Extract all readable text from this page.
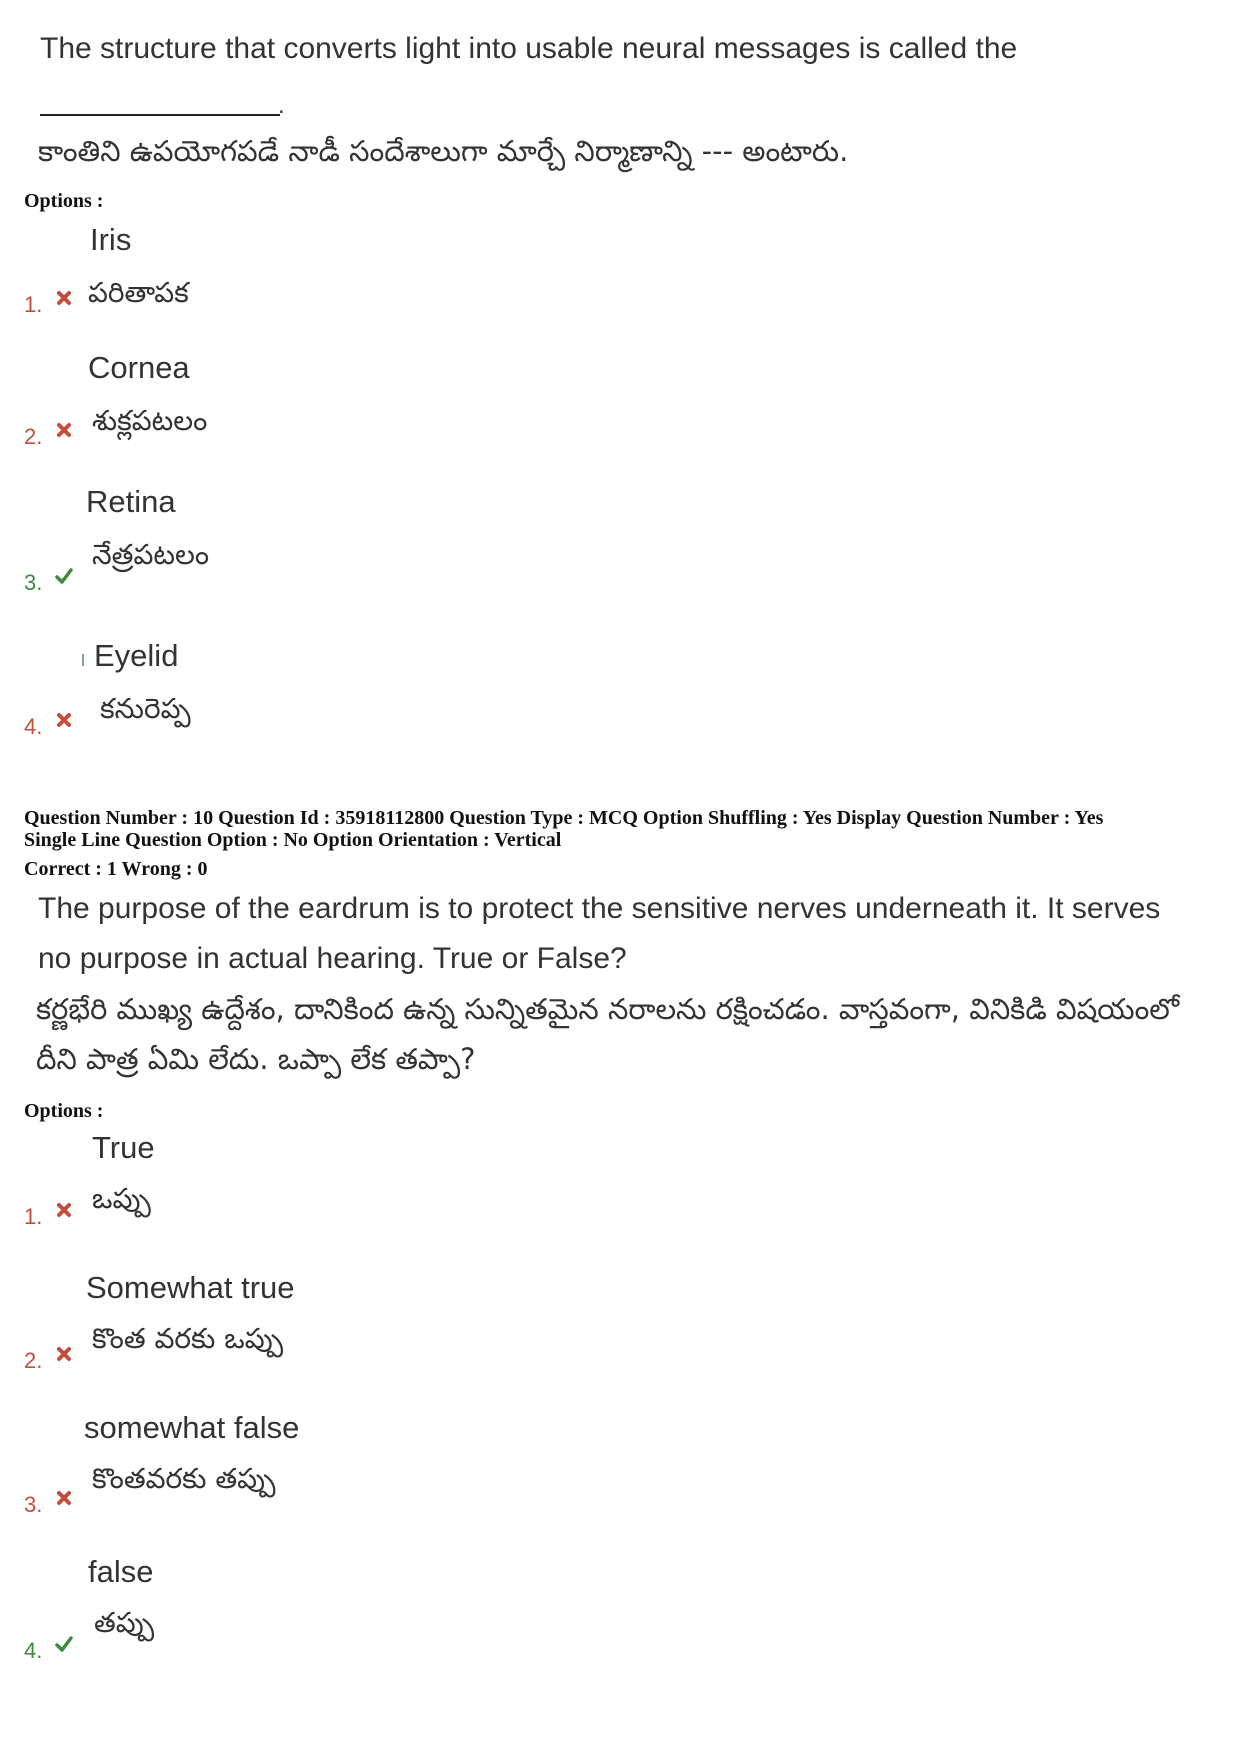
The structure that converts light into usable neural messages is called the
.
కాంతిని ఉపయోగపడే నాడీ సందేశాలుగా మార్చే నిర్మాణాన్ని --- అంటారు.
Options :
Iris
పరితాపక
1.
Cornea
శుక్లపటలం
2.
Retina
నేత్రపటలం
3.
Eyelid
కనురెప్ప
4.
Question Number : 10 Question Id : 35918112800 Question Type : MCQ Option Shuffling : Yes Display Question Number : Yes
Single Line Question Option : No Option Orientation : Vertical
Correct : 1 Wrong : 0
The purpose of the eardrum is to protect the sensitive nerves underneath it. It serves
no purpose in actual hearing. True or False?
కర్ణభేరి ముఖ్య ఉద్దేశం, దానికింద ఉన్న సున్నితమైన నరాలను రక్షించడం. వాస్తవంగా, వినికిడి విషయంలో
దీని పాత్ర ఏమి లేదు. ఒప్పా లేక తప్పా?
Options :
True
ఒప్పు
1.
Somewhat true
కొంత వరకు ఒప్పు
2.
somewhat false
కొంతవరకు తప్పు
3.
false
తప్పు
4.
